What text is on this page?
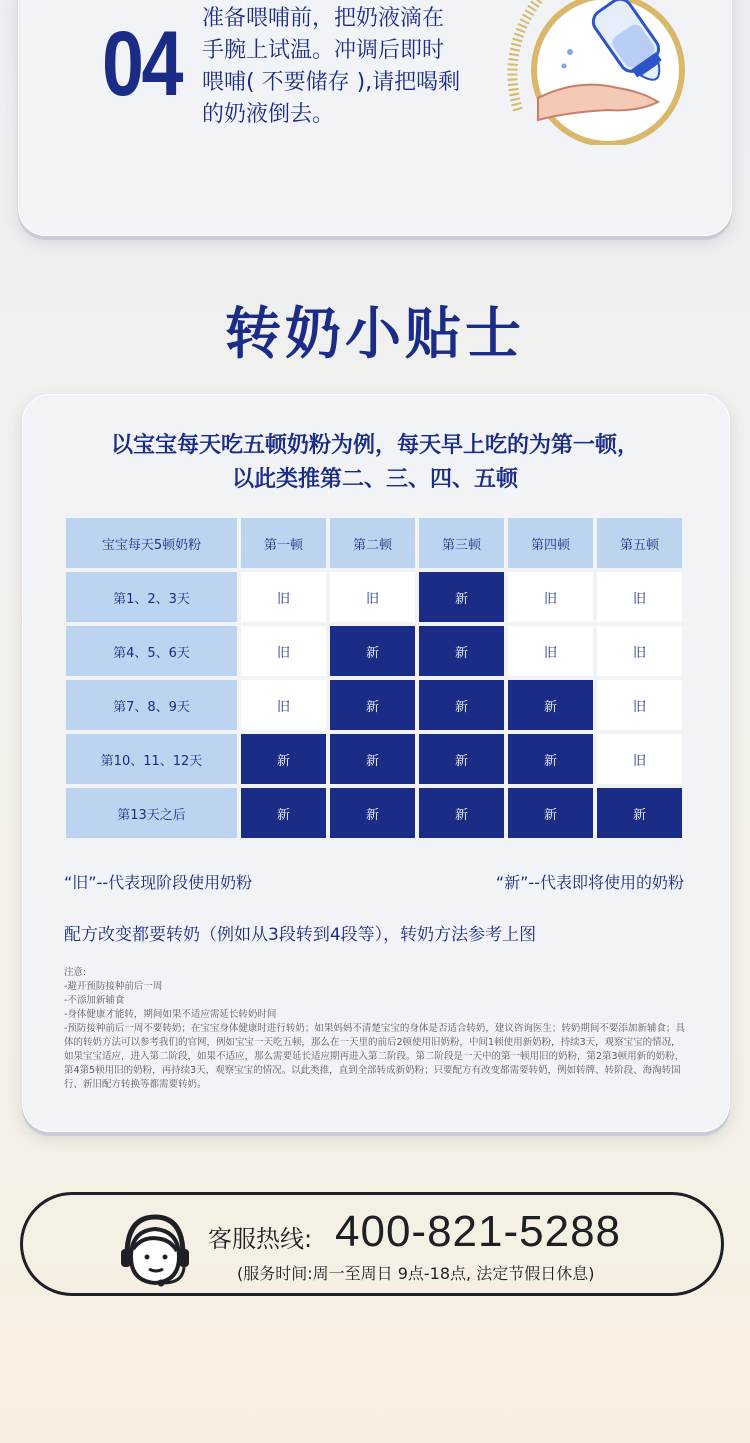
04 准备喂哺前，把奶液滴在手腕上试温。冲调后即时喂哺( 不要储存 ),请把喝剩的奶液倒去。
转奶小贴士
以宝宝每天吃五顿奶粉为例，每天早上吃的为第一顿，
以此类推第二、三、四、五顿
宝宝每天5顿奶粉	第一顿	第二顿	第三顿	第四顿	第五顿
第1、2、3天	旧	旧	新	旧	旧
第4、5、6天	旧	新	新	旧	旧
第7、8、9天	旧	新	新	新	旧
第10、11、12天	新	新	新	新	旧
第13天之后	新	新	新	新	新
“旧”--代表现阶段使用奶粉	“新”--代表即将使用的奶粉
配方改变都要转奶（例如从3段转到4段等），转奶方法参考上图
注意:
-避开预防接种前后一周
-不添加新辅食
-身体健康才能转，期间如果不适应需延长转奶时间
-预防接种前后一周不要转奶；在宝宝身体健康时进行转奶；如果妈妈不清楚宝宝的身体是否适合转奶，建议咨询医生；转奶期间不要添加新辅食；具体的转奶方法可以参考我们的官网，例如宝宝一天吃五顿，那么在一天里的前后2顿使用旧奶粉，中间1顿使用新奶粉，持续3天，观察宝宝的情况，如果宝宝适应，进入第二阶段，如果不适应，那么需要延长适应期再进入第二阶段。第二阶段是一天中的第一顿用旧的奶粉，第2第3顿用新的奶粉，第4第5顿用旧的奶粉，再持续3天，观察宝宝的情况。以此类推，直到全部转成新奶粉；只要配方有改变都需要转奶，例如转牌、转阶段、海淘转国行、新旧配方转换等都需要转奶。
客服热线: 400-821-5288
(服务时间:周一至周日 9点-18点, 法定节假日休息)
